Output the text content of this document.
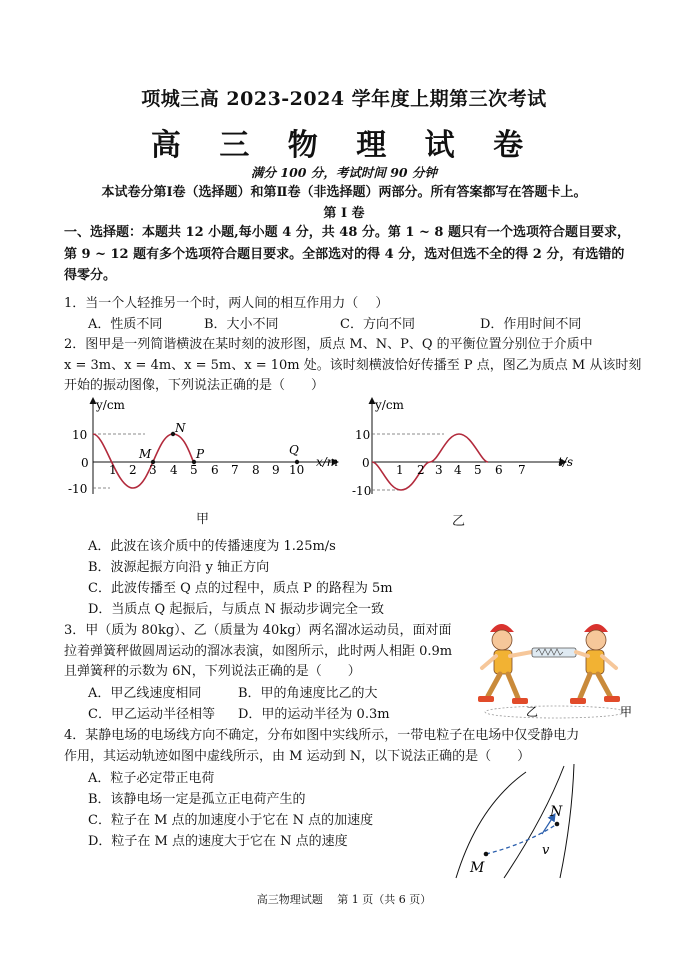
项城三高 2023-2024 学年度上期第三次考试
高 三 物 理 试 卷
满分 100 分，考试时间 90 分钟
本试卷分第Ⅰ卷（选择题）和第Ⅱ卷（非选择题）两部分。所有答案都写在答题卡上。
第 Ⅰ 卷
一、选择题：本题共 12 小题,每小题 4 分，共 48 分。第 1 ~ 8 题只有一个选项符合题目要求，第 9 ~ 12 题有多个选项符合题目要求。全部选对的得 4 分，选对但选不全的得 2 分，有选错的得零分。
1．当一个人轻推另一个时，两人间的相互作用力（　 ）
A．性质不同	B．大小不同	C．方向不同	D．作用时间不同
2．图甲是一列简谐横波在某时刻的波形图，质点 M、N、P、Q 的平衡位置分别位于介质中
x = 3m、x = 4m、x = 5m、x = 10m 处。该时刻横波恰好传播至 P 点，图乙为质点 M 从该时刻
开始的振动图像，下列说法正确的是（　　）
y/cm
x/m
10
0
-10
1 2 3 4 5 6 7 8 9 10
M
N
P	Q
甲
y/cm
t/s
10
0
-10
1 2 3 4 5 6 7
乙
A．此波在该介质中的传播速度为 1.25m/s
B．波源起振方向沿 y 轴正方向
C．此波传播至 Q 点的过程中，质点 P 的路程为 5m
D．当质点 Q 起振后，与质点 N 振动步调完全一致
3．甲（质为 80kg）、乙（质量为 40kg）两名溜冰运动员，面对面
拉着弹簧秤做圆周运动的溜冰表演，如图所示，此时两人相距 0.9m
且弹簧秤的示数为 6N，下列说法正确的是（　　）
A．甲乙线速度相同	B．甲的角速度比乙的大
C．甲乙运动半径相等 D．甲的运动半径为 0.3m	乙	甲
4．某静电场的电场线方向不确定，分布如图中实线所示，一带电粒子在电场中仅受静电力
作用，其运动轨迹如图中虚线所示，由 M 运动到 N，以下说法正确的是（　　）
A．粒子必定带正电荷
B．该静电场一定是孤立正电荷产生的
C．粒子在 M 点的加速度小于它在 N 点的加速度
D．粒子在 M 点的速度大于它在 N 点的速度
M
N
v
高三物理试题　 第 1 页（共 6 页）
